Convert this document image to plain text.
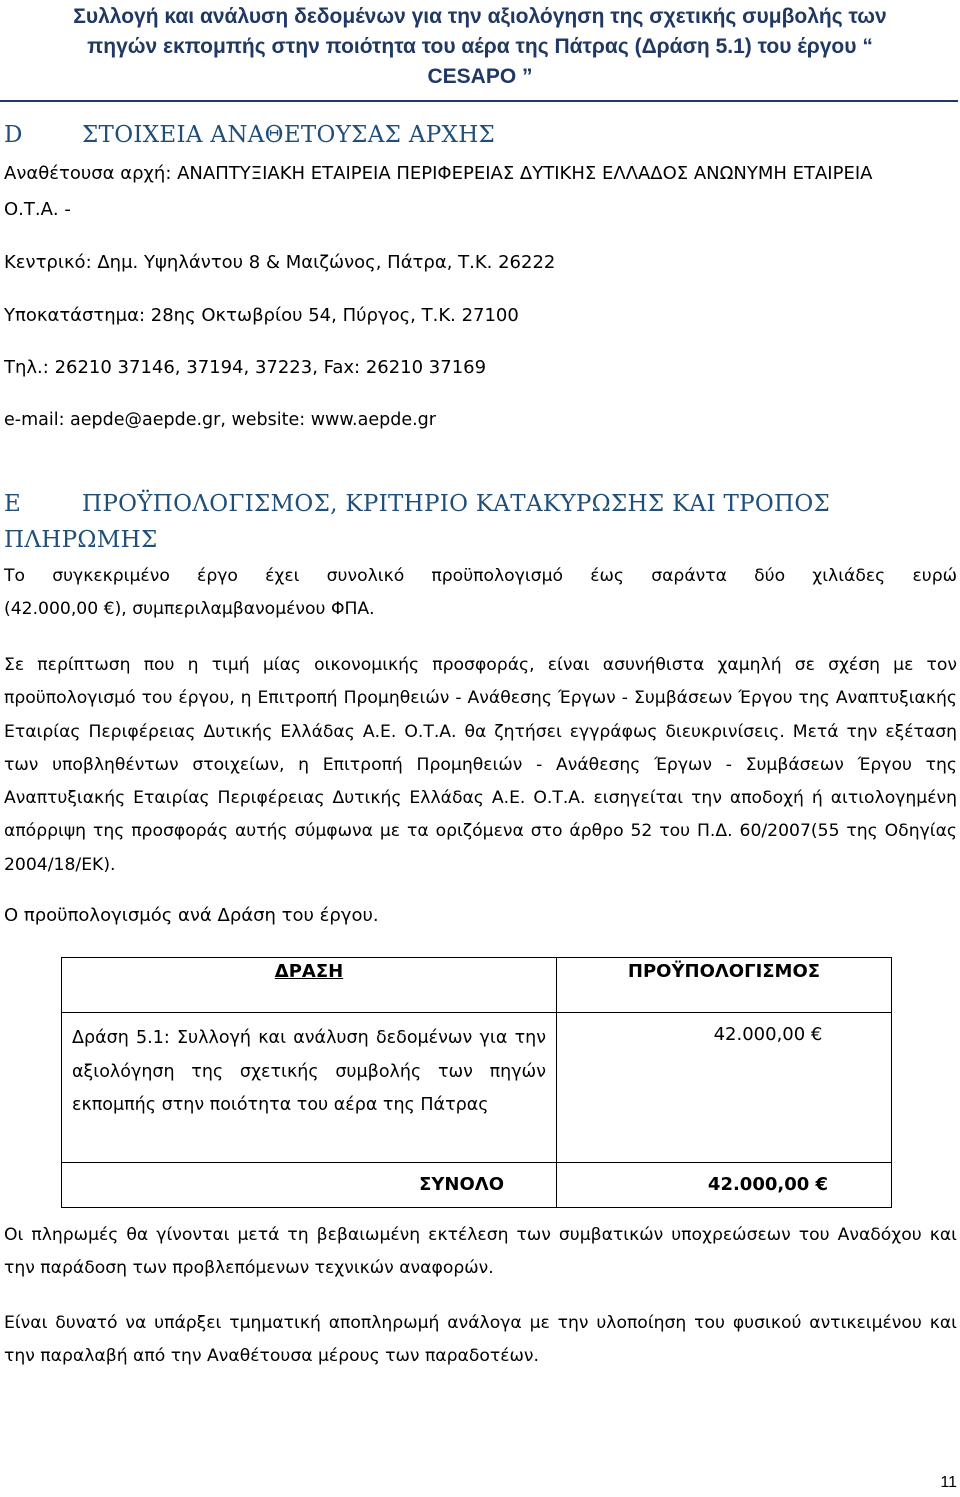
Συλλογή και ανάλυση δεδομένων για την αξιολόγηση της σχετικής συμβολής των
πηγών εκπομπής στην ποιότητα του αέρα της Πάτρας (Δράση 5.1) του έργου “
CESAPO ”
D	ΣΤΟΙΧΕΙΑ ΑΝΑΘΕΤΟΥΣΑΣ ΑΡΧΗΣ
Αναθέτουσα αρχή: ΑΝΑΠΤΥΞΙΑΚΗ ΕΤΑΙΡΕΙΑ ΠΕΡΙΦΕΡΕΙΑΣ ΔΥΤΙΚΗΣ ΕΛΛΑΔΟΣ ΑΝΩΝΥΜΗ ΕΤΑΙΡΕΙΑ
Ο.Τ.Α. -
Κεντρικό: Δημ. Υψηλάντου 8 & Μαιζώνος, Πάτρα, Τ.Κ. 26222
Υποκατάστημα: 28ης Οκτωβρίου 54, Πύργος, Τ.Κ. 27100
Τηλ.: 26210 37146, 37194, 37223, Fax: 26210 37169
e-mail: aepde@aepde.gr, website: www.aepde.gr
E	ΠΡΟΫΠΟΛΟΓΙΣΜΟΣ, ΚΡΙΤΗΡΙΟ ΚΑΤΑΚΥΡΩΣΗΣ ΚΑΙ ΤΡΟΠΟΣ
ΠΛΗΡΩΜΗΣ
Το συγκεκριμένο έργο έχει συνολικό προϋπολογισμό έως σαράντα δύο χιλιάδες ευρώ
(42.000,00 €), συμπεριλαμβανομένου ΦΠΑ.
Σε περίπτωση που η τιμή μίας οικονομικής προσφοράς, είναι ασυνήθιστα χαμηλή σε σχέση με τον προϋπολογισμό του έργου, η Επιτροπή Προμηθειών - Ανάθεσης Έργων - Συμβάσεων Έργου της Αναπτυξιακής Εταιρίας Περιφέρειας Δυτικής Ελλάδας Α.Ε. Ο.Τ.Α. θα ζητήσει εγγράφως διευκρινίσεις. Μετά την εξέταση των υποβληθέντων στοιχείων, η Επιτροπή Προμηθειών - Ανάθεσης Έργων - Συμβάσεων Έργου της Αναπτυξιακής Εταιρίας Περιφέρειας Δυτικής Ελλάδας Α.Ε. Ο.Τ.Α. εισηγείται την αποδοχή ή αιτιολογημένη απόρριψη της προσφοράς αυτής σύμφωνα με τα οριζόμενα στο άρθρο 52 του Π.Δ. 60/2007(55 της Οδηγίας 2004/18/ΕΚ).
Ο προϋπολογισμός ανά Δράση του έργου.
ΔΡΑΣΗ	ΠΡΟΫΠΟΛΟΓΙΣΜΟΣ

Δράση 5.1: Συλλογή και ανάλυση δεδομένων για την αξιολόγηση της σχετικής συμβολής των πηγών εκπομπής στην ποιότητα του αέρα της Πάτρας	42.000,00 €

ΣΥΝΟΛΟ	42.000,00 €
Οι πληρωμές θα γίνονται μετά τη βεβαιωμένη εκτέλεση των συμβατικών υποχρεώσεων του Αναδόχου και την παράδοση των προβλεπόμενων τεχνικών αναφορών.
Είναι δυνατό να υπάρξει τμηματική αποπληρωμή ανάλογα με την υλοποίηση του φυσικού αντικειμένου και την παραλαβή από την Αναθέτουσα μέρους των παραδοτέων.
11
